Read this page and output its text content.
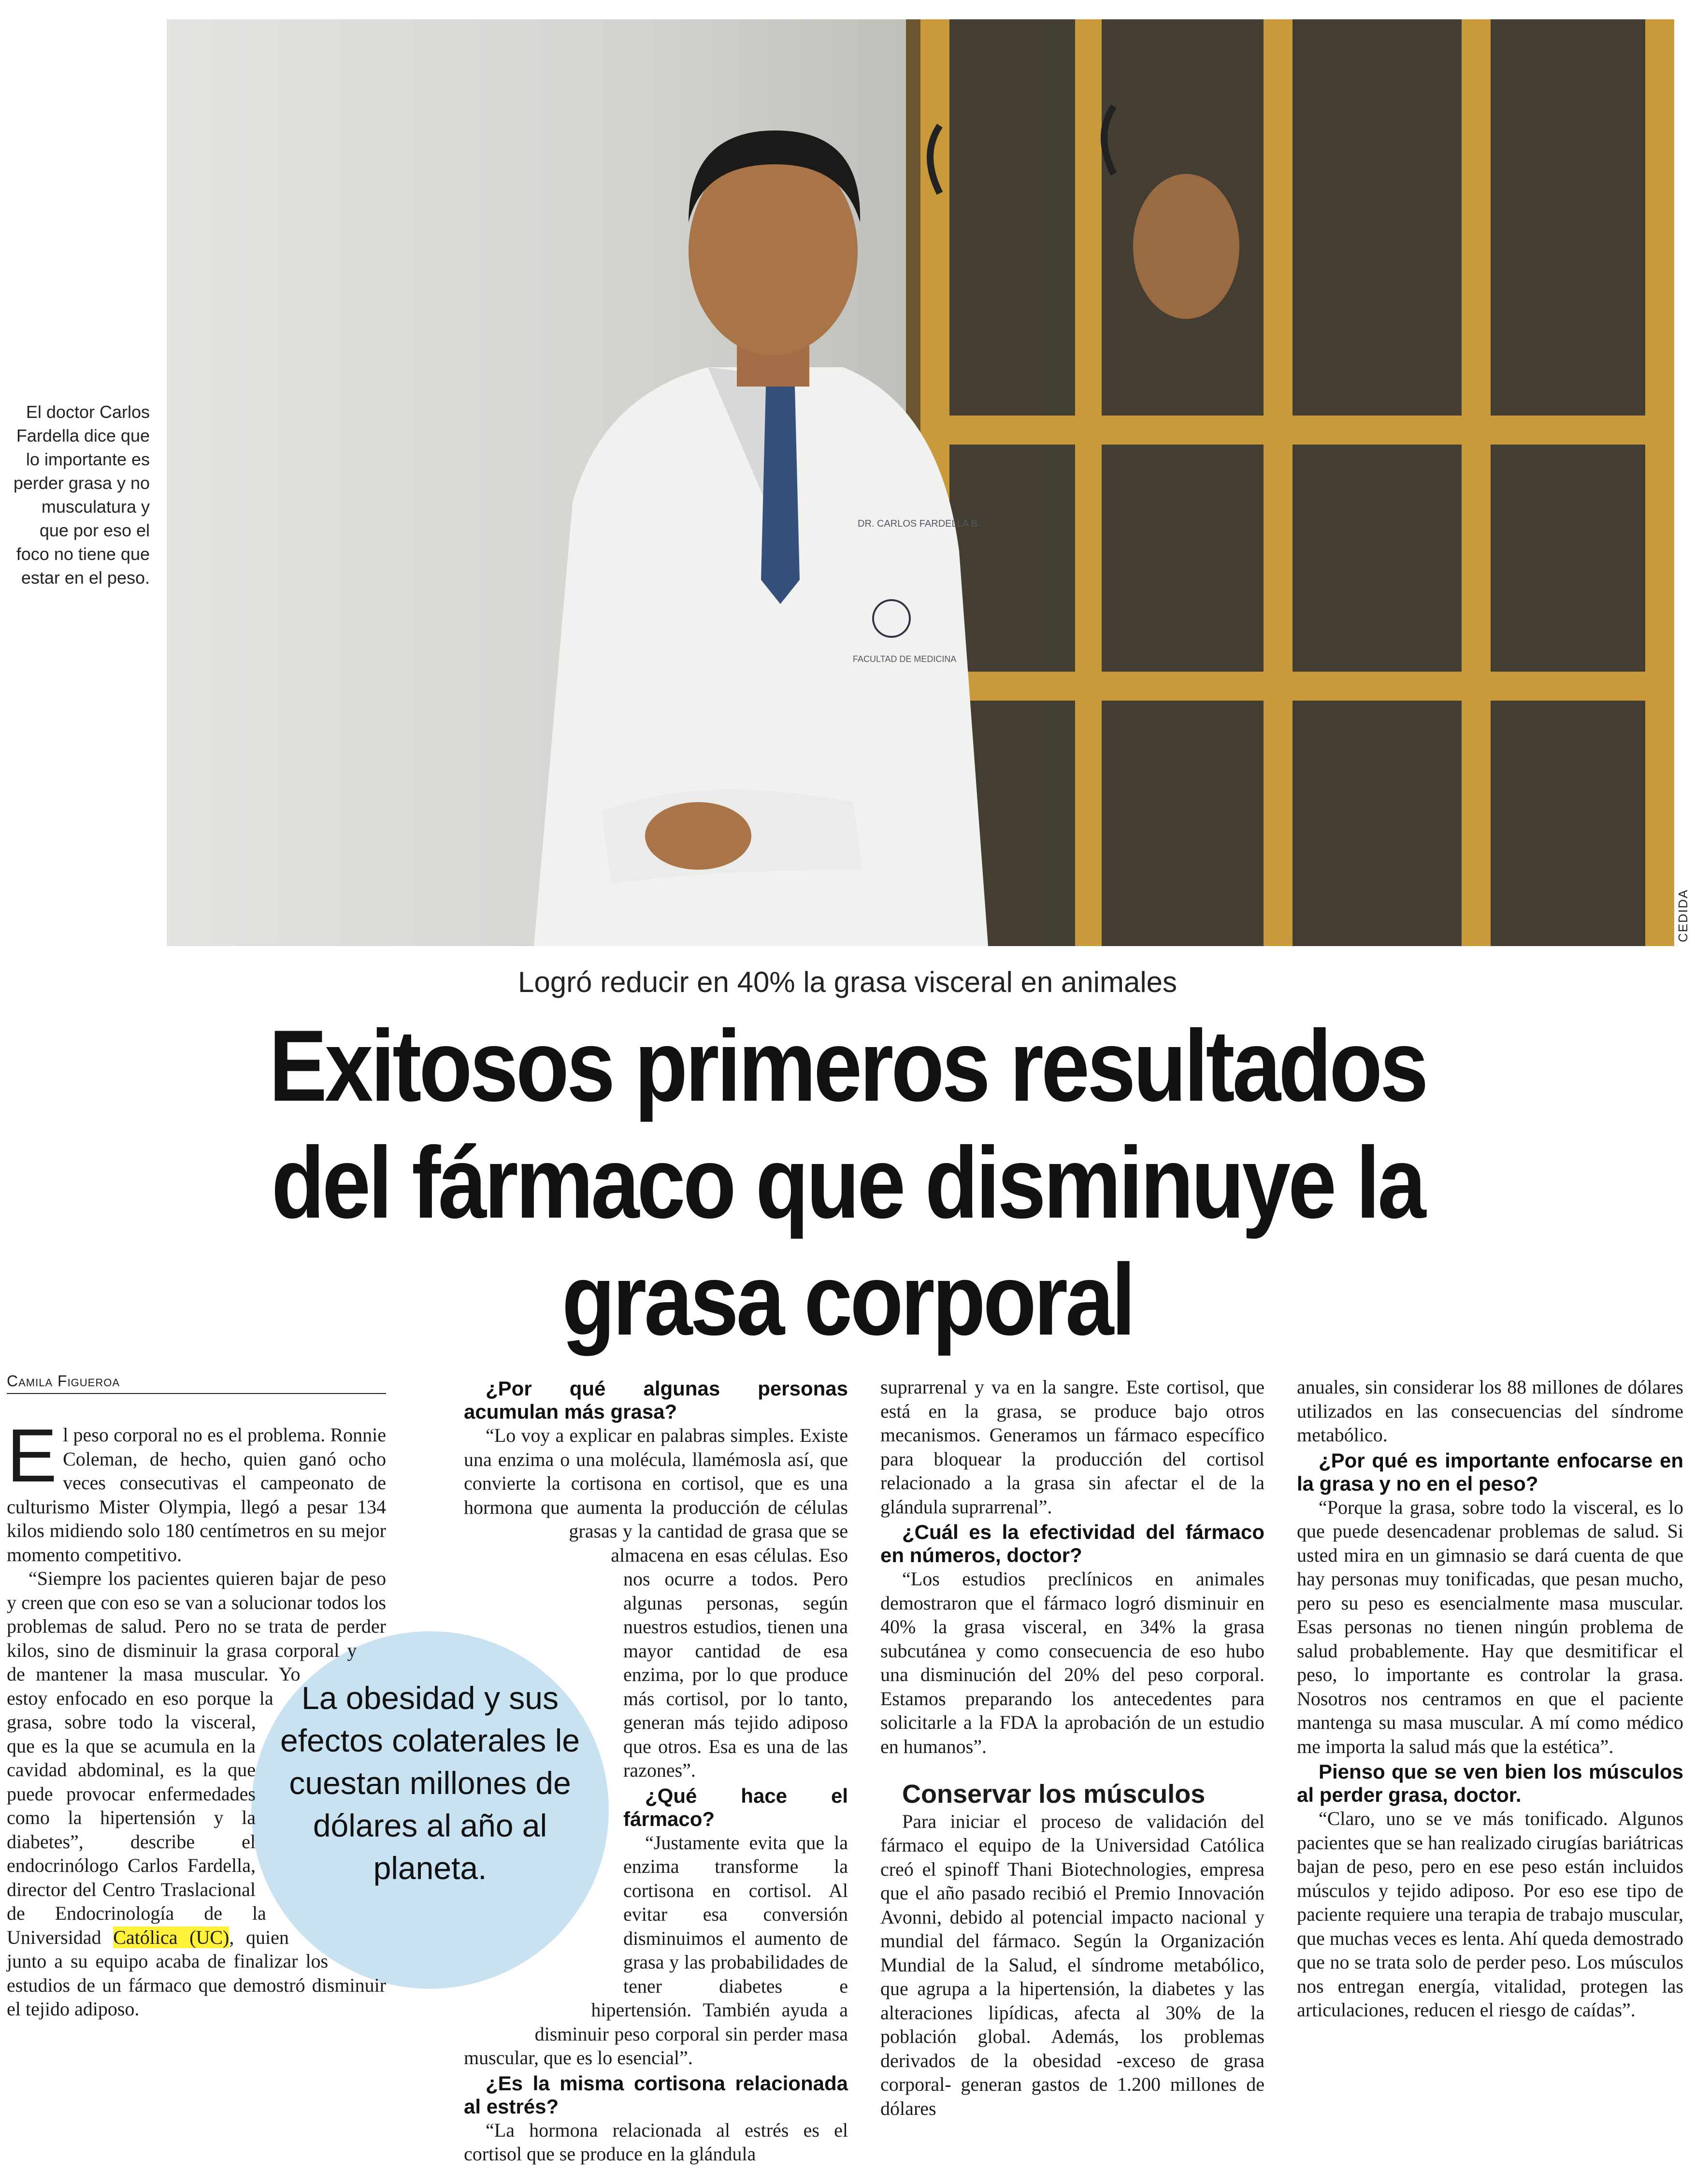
DR. CARLOS FARDELLA B.
FACULTAD DE MEDICINA
CEDIDA
El doctor Carlos Fardella dice que lo importante es perder grasa y no musculatura y que por eso el foco no tiene que estar en el peso.
Logró reducir en 40% la grasa visceral en animales
Exitosos primeros resultados del fármaco que disminuye la grasa corporal
Camila Figueroa

El peso corporal no es el problema. Ronnie Coleman, de hecho, quien ganó ocho veces consecutivas el campeonato de culturismo Mister Olympia, llegó a pesar 134 kilos midiendo solo 180 centímetros en su mejor momento competitivo.

“Siempre los pacientes quieren bajar de peso y creen que con eso se van a solucionar todos los problemas de salud. Pero no se trata de perder kilos, sino de disminuir la grasa corporal y de mantener la masa muscular. Yo estoy enfocado en eso porque la grasa, sobre todo la visceral, que es la que se acumula en la cavidad abdominal, es la que puede provocar enfermedades como la hipertensión y la diabetes”, describe el endocrinólogo Carlos Fardella, director del Centro Traslacional de Endocrinología de la Universidad Católica (UC), quien junto a su equipo acaba de finalizar los estudios de un fármaco que demostró disminuir el tejido adiposo.

¿Por qué algunas personas acumulan más grasa?

“Lo voy a explicar en palabras simples. Existe una enzima o una molécula, llamémosla así, que convierte la cortisona en cortisol, que es una hormona que aumenta la producción de células grasas y la cantidad de grasa que se almacena en esas células. Eso nos ocurre a todos. Pero algunas personas, según nuestros estudios, tienen una mayor cantidad de esa enzima, por lo que produce más cortisol, por lo tanto, generan más tejido adiposo que otros. Esa es una de las razones”.

¿Qué hace el fármaco?

“Justamente evita que la enzima transforme la cortisona en cortisol. Al evitar esa conversión disminuimos el aumento de grasa y las probabilidades de tener diabetes e hipertensión. También ayuda a disminuir peso corporal sin perder masa muscular, que es lo esencial”.

¿Es la misma cortisona relacionada al estrés?

“La hormona relacionada al estrés es el cortisol que se produce en la glándula

suprarrenal y va en la sangre. Este cortisol, que está en la grasa, se produce bajo otros mecanismos. Generamos un fármaco específico para bloquear la producción del cortisol relacionado a la grasa sin afectar el de la glándula suprarrenal”.

¿Cuál es la efectividad del fármaco en números, doctor?

“Los estudios preclínicos en animales demostraron que el fármaco logró disminuir en 40% la grasa visceral, en 34% la grasa subcutánea y como consecuencia de eso hubo una disminución del 20% del peso corporal. Estamos preparando los antecedentes para solicitarle a la FDA la aprobación de un estudio en humanos”.

Conservar los músculos

Para iniciar el proceso de validación del fármaco el equipo de la Universidad Católica creó el spinoff Thani Biotechnologies, empresa que el año pasado recibió el Premio Innovación Avonni, debido al potencial impacto nacional y mundial del fármaco. Según la Organización Mundial de la Salud, el síndrome metabólico, que agrupa a la hipertensión, la diabetes y las alteraciones lipídicas, afecta al 30% de la población global. Además, los problemas derivados de la obesidad -exceso de grasa corporal- generan gastos de 1.200 millones de dólares

anuales, sin considerar los 88 millones de dólares utilizados en las consecuencias del síndrome metabólico.

¿Por qué es importante enfocarse en la grasa y no en el peso?

“Porque la grasa, sobre todo la visceral, es lo que puede desencadenar problemas de salud. Si usted mira en un gimnasio se dará cuenta de que hay personas muy tonificadas, que pesan mucho, pero su peso es esencialmente masa muscular. Esas personas no tienen ningún problema de salud probablemente. Hay que desmitificar el peso, lo importante es controlar la grasa. Nosotros nos centramos en que el paciente mantenga su masa muscular. A mí como médico me importa la salud más que la estética”.

Pienso que se ven bien los músculos al perder grasa, doctor.

“Claro, uno se ve más tonificado. Algunos pacientes que se han realizado cirugías bariátricas bajan de peso, pero en ese peso están incluidos músculos y tejido adiposo. Por eso ese tipo de paciente requiere una terapia de trabajo muscular, que muchas veces es lenta. Ahí queda demostrado que no se trata solo de perder peso. Los músculos nos entregan energía, vitalidad, protegen las articulaciones, reducen el riesgo de caídas”.

La obesidad y sus efectos colaterales le cuestan millones de dólares al año al planeta.
